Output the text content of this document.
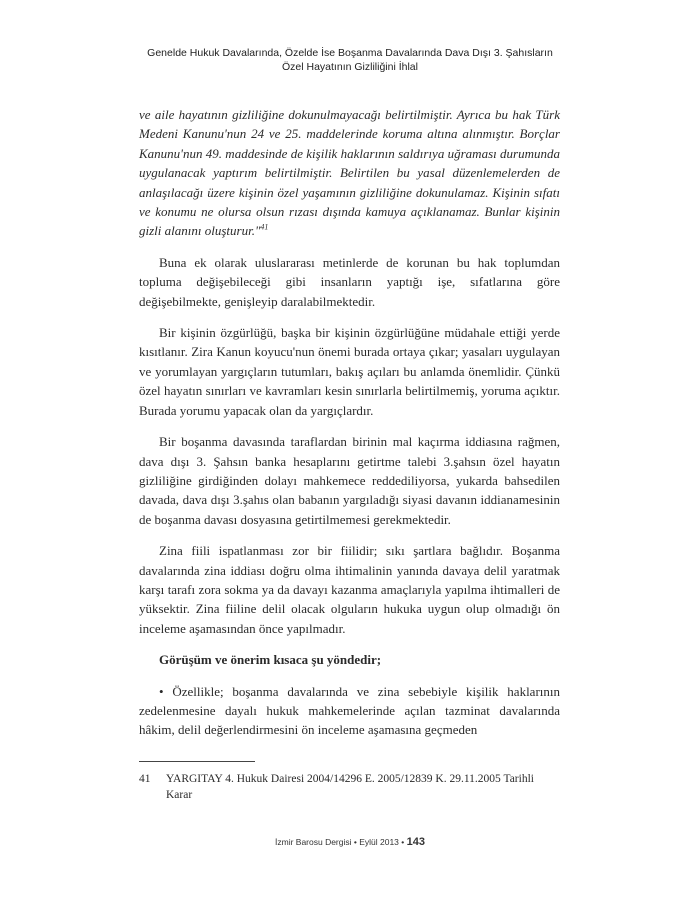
Genelde Hukuk Davalarında, Özelde İse Boşanma Davalarında Dava Dışı 3. Şahısların
Özel Hayatının Gizliliğini İhlal

ve aile hayatının gizliliğine dokunulmayacağı belirtilmiştir. Ayrıca bu hak Türk Medeni Kanunu'nun 24 ve 25. maddelerinde koruma altına alınmıştır. Borçlar Kanunu'nun 49. maddesinde de kişilik haklarının saldırıya uğraması durumunda uygulanacak yaptırım belirtilmiştir. Belirtilen bu yasal düzenlemelerden de anlaşılacağı üzere kişinin özel yaşamının gizliliğine dokunulamaz. Kişinin sıfatı ve konumu ne olursa olsun rızası dışında kamuya açıklanamaz. Bunlar kişinin gizli alanını oluşturur."$^{41}$

Buna ek olarak uluslararası metinlerde de korunan bu hak toplumdan topluma değişebileceği gibi insanların yaptığı işe, sıfatlarına göre değişebilmekte, genişleyip daralabilmektedir.

Bir kişinin özgürlüğü, başka bir kişinin özgürlüğüne müdahale ettiği yerde kısıtlanır. Zira Kanun koyucu'nun önemi burada ortaya çıkar; yasaları uygulayan ve yorumlayan yargıçların tutumları, bakış açıları bu anlamda önemlidir. Çünkü özel hayatın sınırları ve kavramları kesin sınırlarla belirtilmemiş, yoruma açıktır. Burada yorumu yapacak olan da yargıçlardır.

Bir boşanma davasında taraflardan birinin mal kaçırma iddiasına rağmen, dava dışı 3. Şahsın banka hesaplarını getirtme talebi 3.şahsın özel hayatın gizliliğine girdiğinden dolayı mahkemece reddediliyorsa, yukarda bahsedilen davada, dava dışı 3.şahıs olan babanın yargıladığı siyasi davanın iddianamesinin de boşanma davası dosyasına getirtilmemesi gerekmektedir.

Zina fiili ispatlanması zor bir fiilidir; sıkı şartlara bağlıdır. Boşanma davalarında zina iddiası doğru olma ihtimalinin yanında davaya delil yaratmak karşı tarafı zora sokma ya da davayı kazanma amaçlarıyla yapılma ihtimalleri de yüksektir. Zina fiiline delil olacak olguların hukuka uygun olup olmadığı ön inceleme aşamasından önce yapılmadır.

Görüşüm ve önerim kısaca şu yöndedir;

• Özellikle; boşanma davalarında ve zina sebebiyle kişilik haklarının zedelenmesine dayalı hukuk mahkemelerinde açılan tazminat davalarında hâkim, delil değerlendirmesini ön inceleme aşamasına geçmeden

41	YARGITAY 4. Hukuk Dairesi 2004/14296 E. 2005/12839 K. 29.11.2005 Tarihli Karar
İzmir Barosu Dergisi • Eylül 2013 • 143
